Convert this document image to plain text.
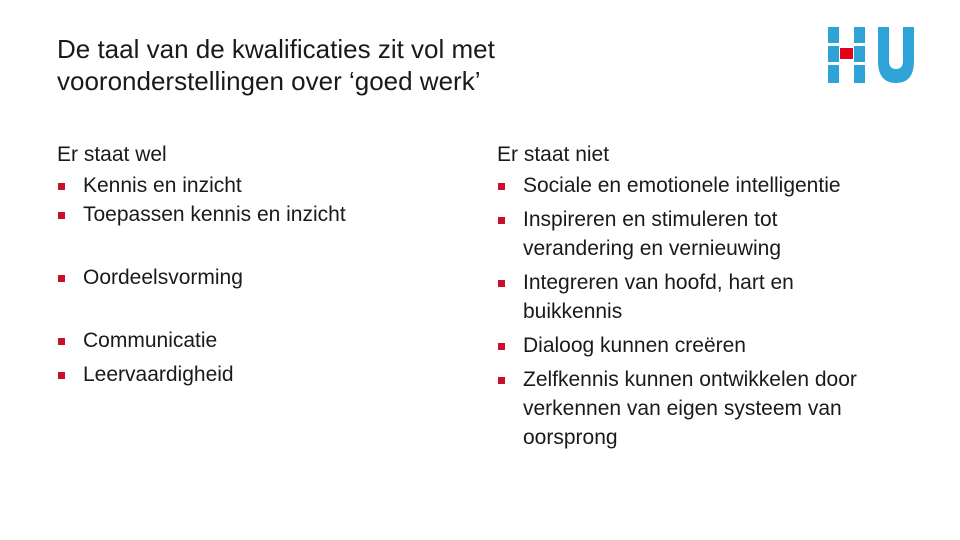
De taal van de kwalificaties zit vol met
vooronderstellingen over ‘goed werk’
Er staat wel
Kennis en inzicht
Toepassen kennis en inzicht
Oordeelsvorming
Communicatie
Leervaardigheid
Er staat niet
Sociale en emotionele intelligentie
Inspireren en stimuleren tot
verandering en vernieuwing
Integreren van hoofd, hart en
buikkennis
Dialoog kunnen creëren
Zelfkennis kunnen ontwikkelen door
verkennen van eigen systeem van
oorsprong
